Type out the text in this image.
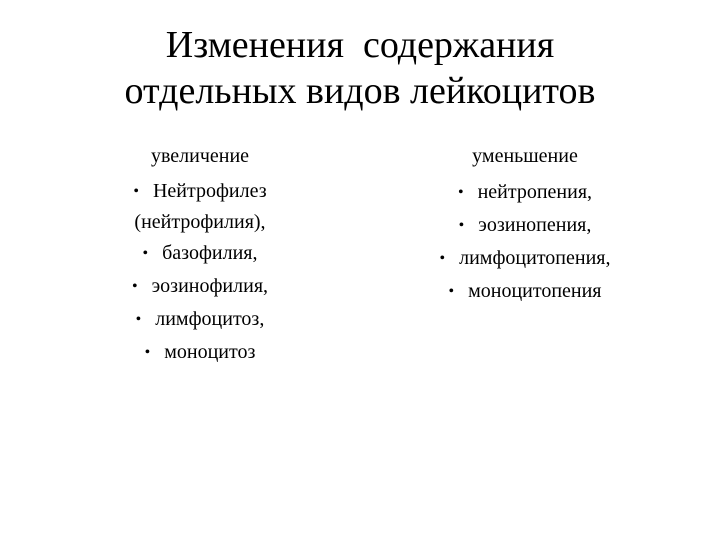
Изменения  содержания
отдельных видов лейкоцитов
увеличение
• Нейтрофилез (нейтрофилия),
• базофилия,
• эозинофилия,
• лимфоцитоз,
• моноцитоз
уменьшение
• нейтропения,
• эозинопения,
• лимфоцитопения,
• моноцитопения
